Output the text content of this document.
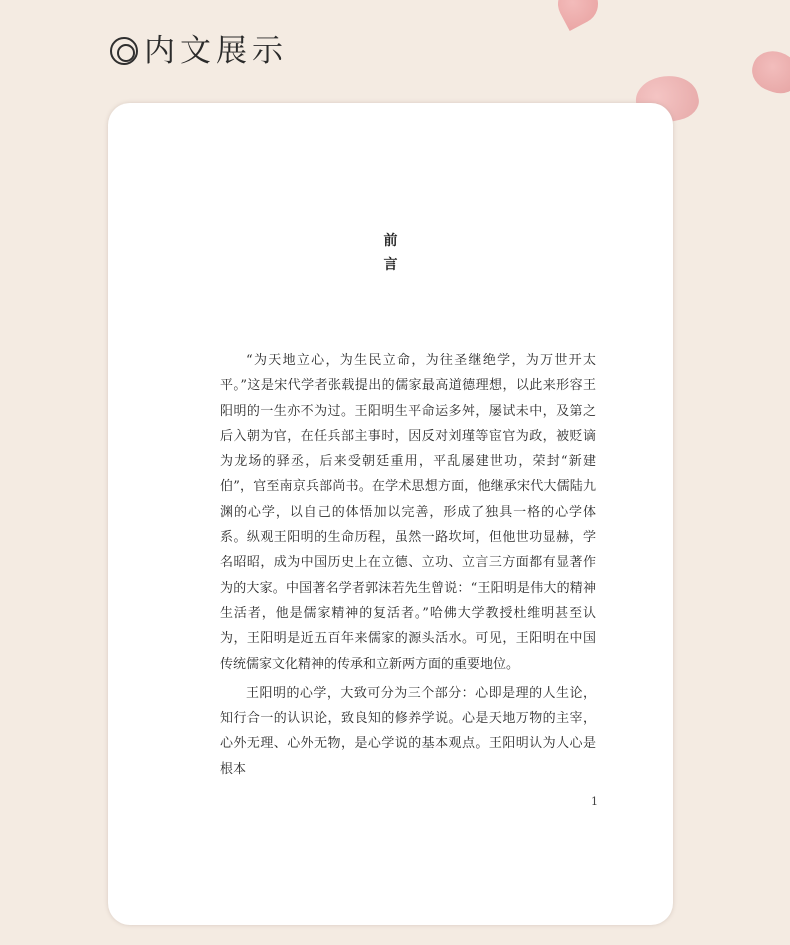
内文展示
前
言

“为天地立心，为生民立命，为往圣继绝学，为万世开太平。”这是宋代学者张载提出的儒家最高道德理想，以此来形容王阳明的一生亦不为过。王阳明生平命运多舛，屡试未中，及第之后入朝为官，在任兵部主事时，因反对刘瑾等宦官为政，被贬谪为龙场的驿丞，后来受朝廷重用，平乱屡建世功，荣封“新建伯”，官至南京兵部尚书。在学术思想方面，他继承宋代大儒陆九渊的心学，以自己的体悟加以完善，形成了独具一格的心学体系。纵观王阳明的生命历程，虽然一路坎坷，但他世功显赫，学名昭昭，成为中国历史上在立德、立功、立言三方面都有显著作为的大家。中国著名学者郭沫若先生曾说：“王阳明是伟大的精神生活者，他是儒家精神的复活者。”哈佛大学教授杜维明甚至认为，王阳明是近五百年来儒家的源头活水。可见，王阳明在中国传统儒家文化精神的传承和立新两方面的重要地位。

王阳明的心学，大致可分为三个部分：心即是理的人生论，知行合一的认识论，致良知的修养学说。心是天地万物的主宰，心外无理、心外无物，是心学说的基本观点。王阳明认为人心是根本

1
